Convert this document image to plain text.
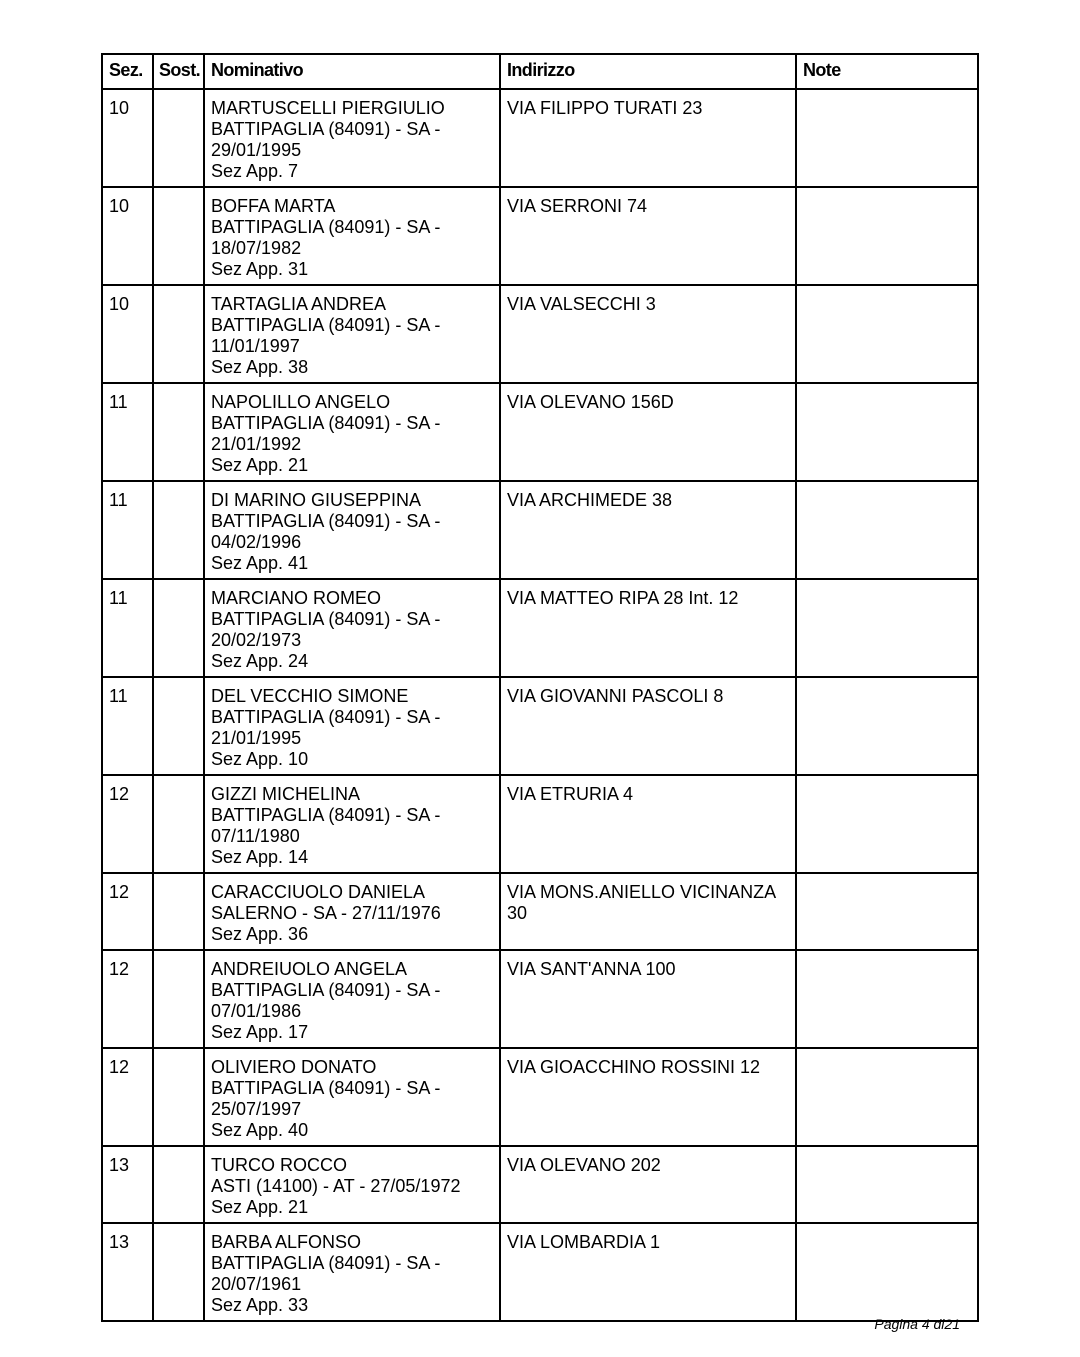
Sez.	Sost.	Nominativo	Indirizzo	Note
10		MARTUSCELLI PIERGIULIO
BATTIPAGLIA (84091) - SA -
29/01/1995
Sez App. 7	VIA FILIPPO TURATI 23	
10		BOFFA MARTA
BATTIPAGLIA (84091) - SA -
18/07/1982
Sez App. 31	VIA SERRONI 74	
10		TARTAGLIA ANDREA
BATTIPAGLIA (84091) - SA -
11/01/1997
Sez App. 38	VIA VALSECCHI 3	
11		NAPOLILLO ANGELO
BATTIPAGLIA (84091) - SA -
21/01/1992
Sez App. 21	VIA OLEVANO 156D	
11		DI MARINO GIUSEPPINA
BATTIPAGLIA (84091) - SA -
04/02/1996
Sez App. 41	VIA ARCHIMEDE 38	
11		MARCIANO ROMEO
BATTIPAGLIA (84091) - SA -
20/02/1973
Sez App. 24	VIA MATTEO RIPA 28 Int. 12	
11		DEL VECCHIO SIMONE
BATTIPAGLIA (84091) - SA -
21/01/1995
Sez App. 10	VIA GIOVANNI PASCOLI 8	
12		GIZZI MICHELINA
BATTIPAGLIA (84091) - SA -
07/11/1980
Sez App. 14	VIA ETRURIA 4	
12		CARACCIUOLO DANIELA
SALERNO - SA - 27/11/1976
Sez App. 36	VIA MONS.ANIELLO VICINANZA 30	
12		ANDREIUOLO ANGELA
BATTIPAGLIA (84091) - SA -
07/01/1986
Sez App. 17	VIA SANT'ANNA 100	
12		OLIVIERO DONATO
BATTIPAGLIA (84091) - SA -
25/07/1997
Sez App. 40	VIA GIOACCHINO ROSSINI 12	
13		TURCO ROCCO
ASTI (14100) - AT - 27/05/1972
Sez App. 21	VIA OLEVANO 202	
13		BARBA ALFONSO
BATTIPAGLIA (84091) - SA -
20/07/1961
Sez App. 33	VIA LOMBARDIA 1	
Pagina 4 di21
